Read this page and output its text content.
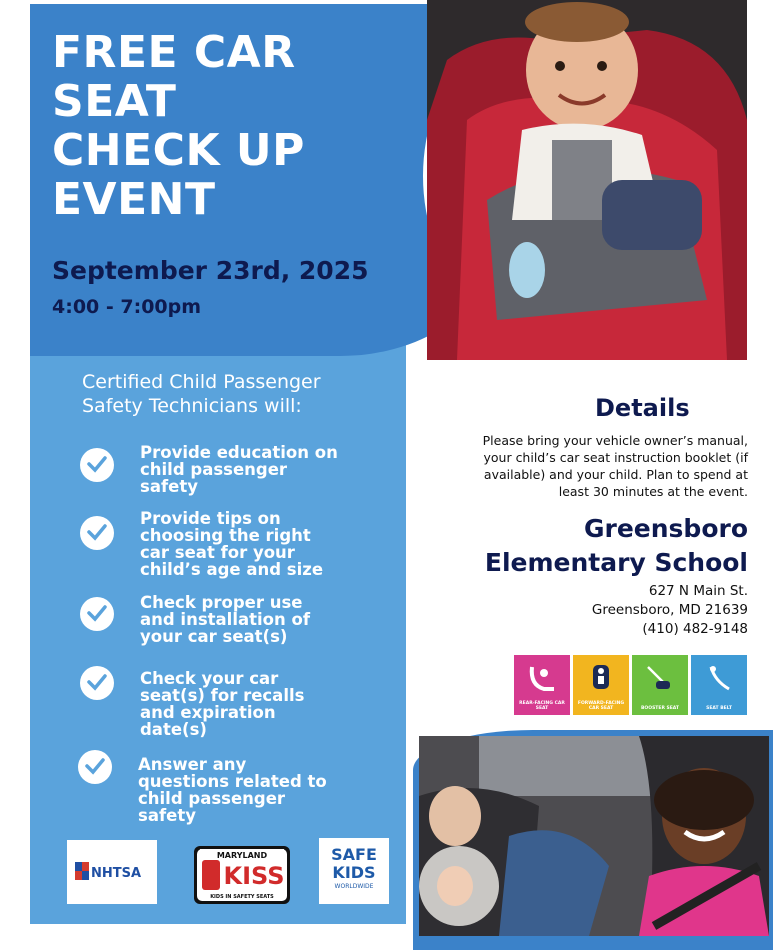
FREE CAR
SEAT
CHECK UP
EVENT
September 23rd, 2025
4:00 - 7:00pm
Certified Child Passenger
Safety Technicians will:
Provide education on
child passenger
safety
Provide tips on
choosing the right
car seat for your
child’s age and size
Check proper use
and installation of
your car seat(s)
Check your car
seat(s) for recalls
and expiration
date(s)
Answer any
questions related to
child passenger
safety
Details
Please bring your vehicle owner’s manual,
your child’s car seat instruction booklet (if
available) and your child. Plan to spend at
least 30 minutes at the event.
Greensboro
Elementary School
627 N Main St.
Greensboro, MD 21639
(410) 482-9148
REAR-FACING CAR SEAT
FORWARD-FACING CAR SEAT	BOOSTER SEAT	SEAT BELT
NHTSA
MARYLAND
KISS
KIDS IN SAFETY SEATS
SAFE
KIDS
WORLDWIDE
